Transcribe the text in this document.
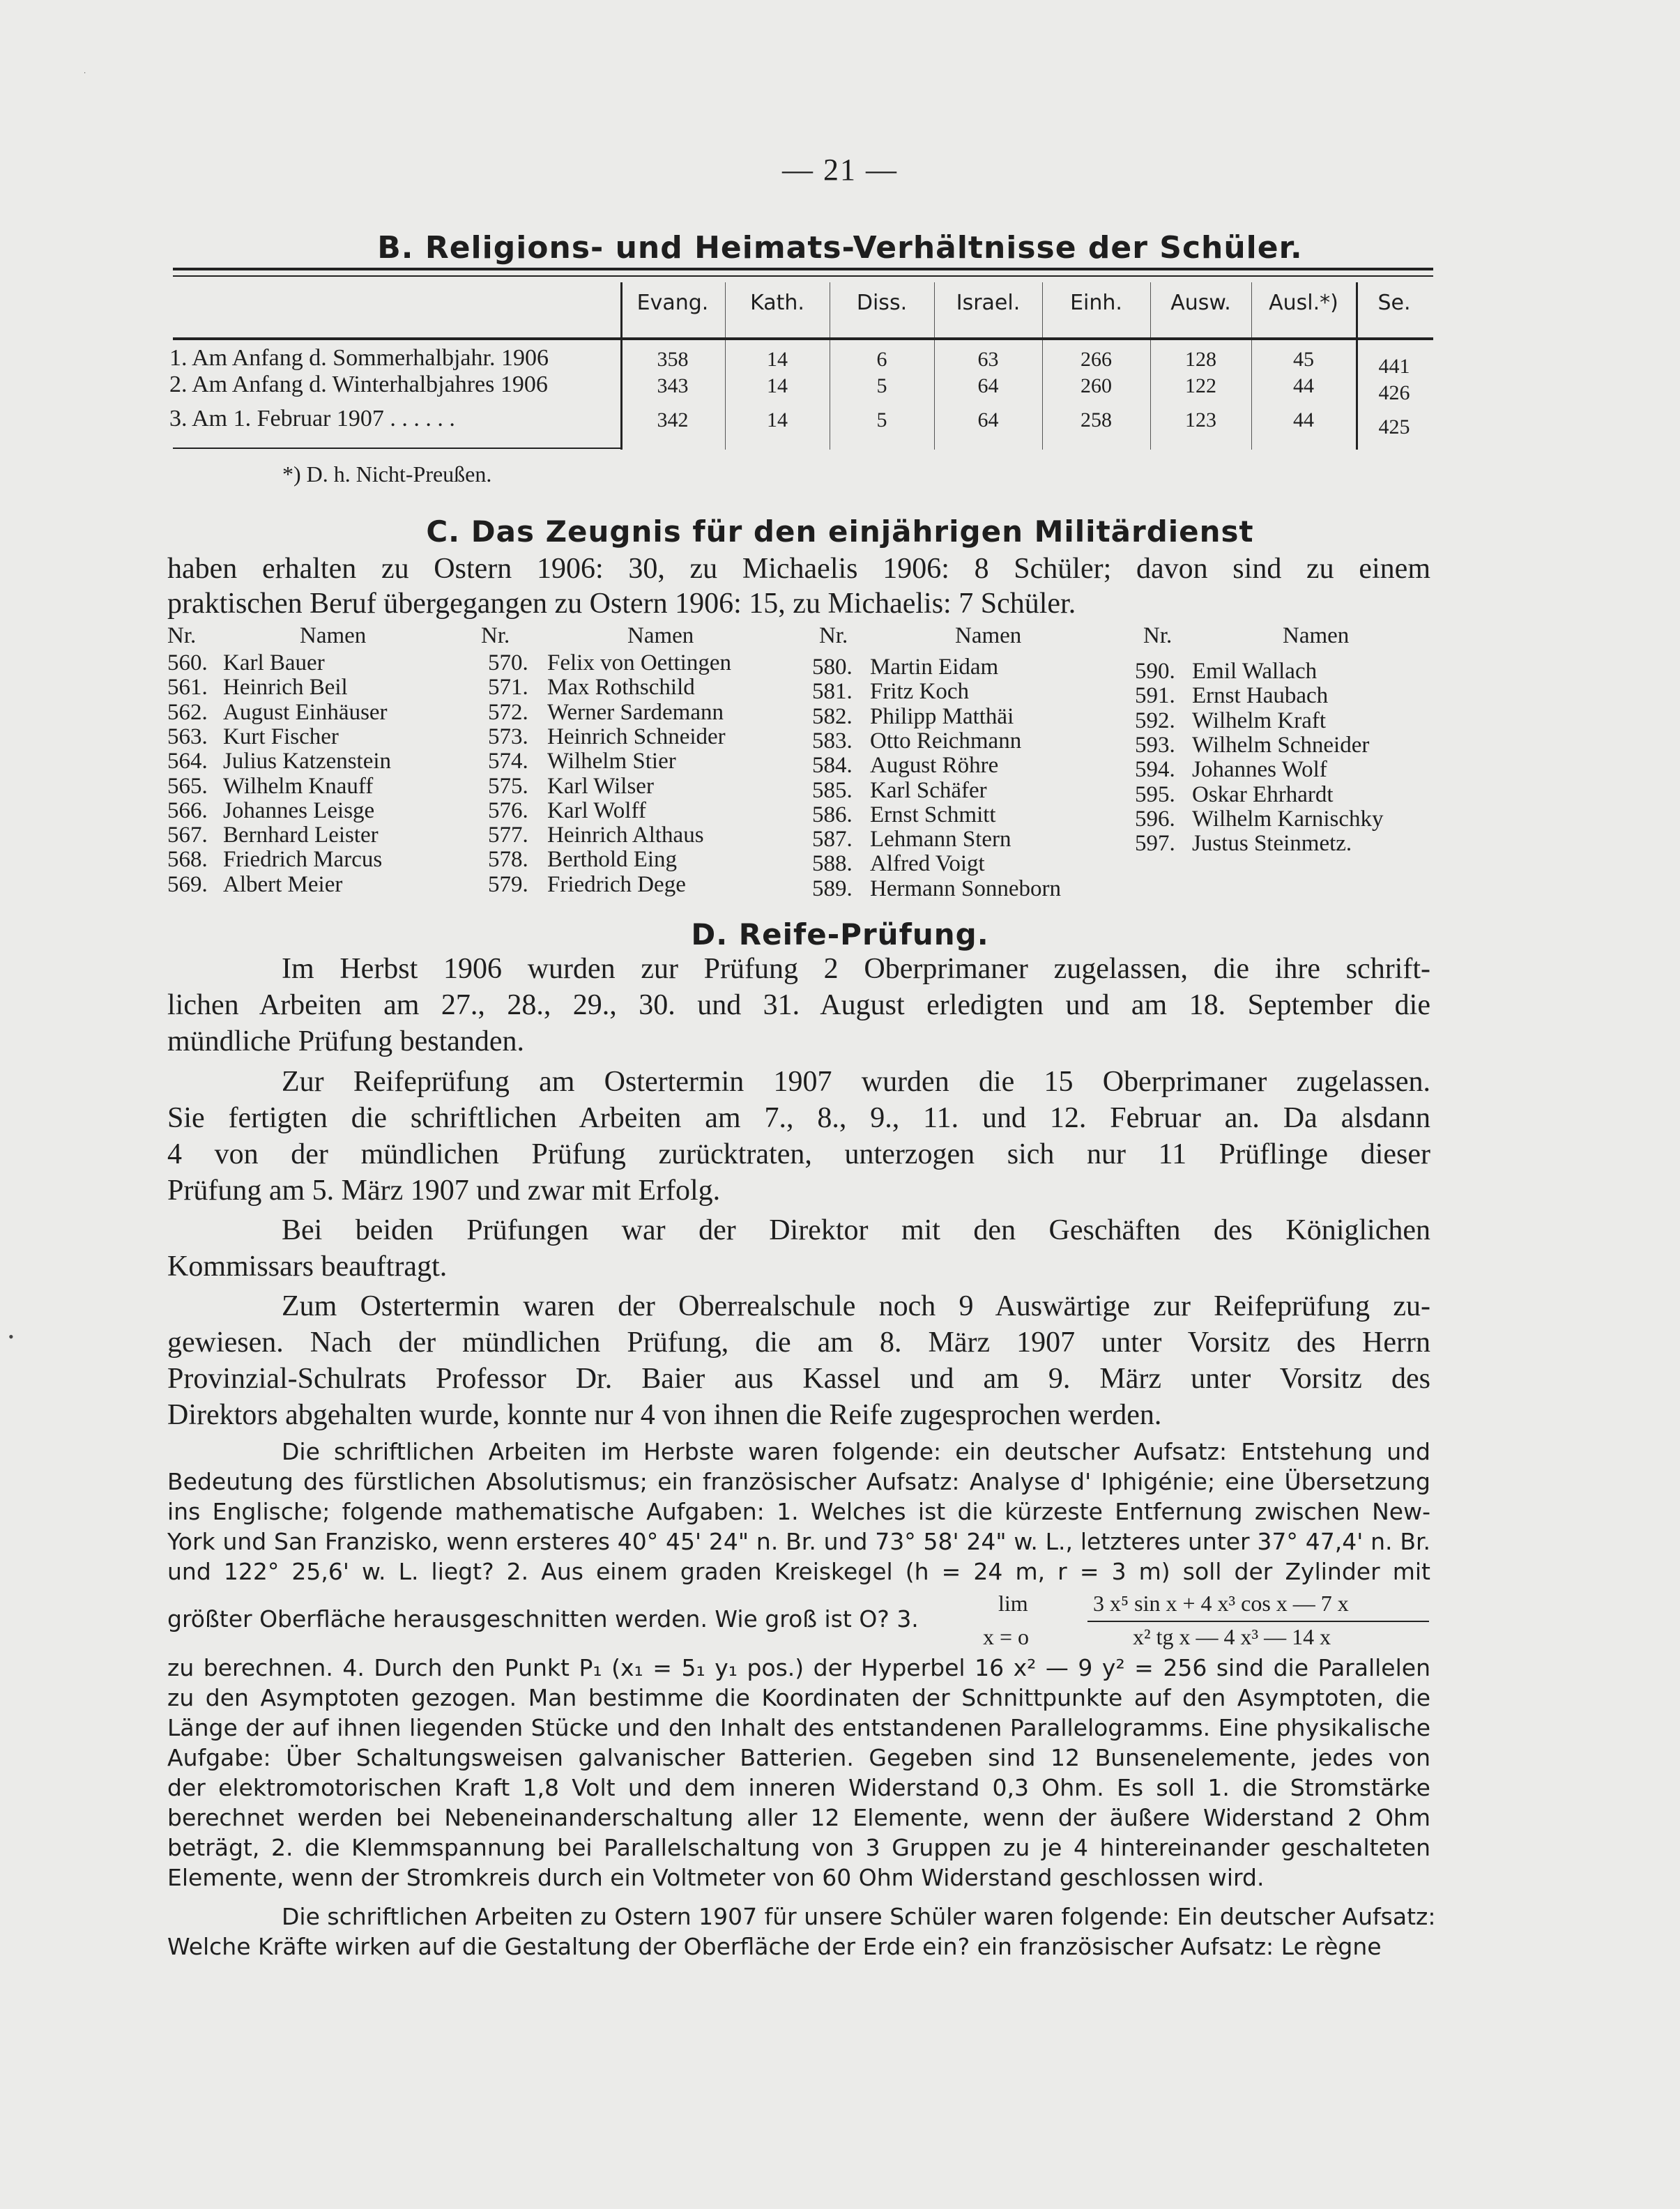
— 21 —
B. Religions- und Heimats-Verhältnisse der Schüler.
Evang.	Kath.	Diss.	Israel.	Einh.	Ausw.	Ausl.*)	Se.
1. Am Anfang d. Sommerhalbjahr. 1906	358	14	6	63	266	128	45	441
2. Am Anfang d. Winterhalbjahres 1906	343	14	5	64	260	122	44	426
3. Am 1. Februar 1907 . . . . . .	342	14	5	64	258	123	44	425
*) D. h. Nicht-Preußen.
C. Das Zeugnis für den einjährigen Militärdienst
haben erhalten zu Ostern 1906: 30, zu Michaelis 1906: 8 Schüler; davon sind zu einem
praktischen Beruf übergegangen zu Ostern 1906: 15, zu Michaelis: 7 Schüler.
Nr.	Namen	Nr.	Namen	Nr.	Namen	Nr.	Namen
560. Karl Bauer
561. Heinrich Beil
562. August Einhäuser
563. Kurt Fischer
564. Julius Katzenstein
565. Wilhelm Knauff
566. Johannes Leisge
567. Bernhard Leister
568. Friedrich Marcus
569. Albert Meier
570. Felix von Oettingen
571. Max Rothschild
572. Werner Sardemann
573. Heinrich Schneider
574. Wilhelm Stier
575. Karl Wilser
576. Karl Wolff
577. Heinrich Althaus
578. Berthold Eing
579. Friedrich Dege
580. Martin Eidam
581. Fritz Koch
582. Philipp Matthäi
583. Otto Reichmann
584. August Röhre
585. Karl Schäfer
586. Ernst Schmitt
587. Lehmann Stern
588. Alfred Voigt
589. Hermann Sonneborn
590. Emil Wallach
591. Ernst Haubach
592. Wilhelm Kraft
593. Wilhelm Schneider
594. Johannes Wolf
595. Oskar Ehrhardt
596. Wilhelm Karnischky
597. Justus Steinmetz.
D. Reife-Prüfung.
Im Herbst 1906 wurden zur Prüfung 2 Oberprimaner zugelassen, die ihre schrift-
lichen Arbeiten am 27., 28., 29., 30. und 31. August erledigten und am 18. September die
mündliche Prüfung bestanden.
Zur Reifeprüfung am Ostertermin 1907 wurden die 15 Oberprimaner zugelassen.
Sie fertigten die schriftlichen Arbeiten am 7., 8., 9., 11. und 12. Februar an. Da alsdann
4 von der mündlichen Prüfung zurücktraten, unterzogen sich nur 11 Prüflinge dieser
Prüfung am 5. März 1907 und zwar mit Erfolg.
Bei beiden Prüfungen war der Direktor mit den Geschäften des Königlichen
Kommissars beauftragt.
Zum Ostertermin waren der Oberrealschule noch 9 Auswärtige zur Reifeprüfung zu-
gewiesen. Nach der mündlichen Prüfung, die am 8. März 1907 unter Vorsitz des Herrn
Provinzial-Schulrats Professor Dr. Baier aus Kassel und am 9. März unter Vorsitz des
Direktors abgehalten wurde, konnte nur 4 von ihnen die Reife zugesprochen werden.
Die schriftlichen Arbeiten im Herbste waren folgende: ein deutscher Aufsatz: Entstehung und
Bedeutung des fürstlichen Absolutismus; ein französischer Aufsatz: Analyse d' Iphigénie; eine Übersetzung
ins Englische; folgende mathematische Aufgaben: 1. Welches ist die kürzeste Entfernung zwischen New-
York und San Franzisko, wenn ersteres 40° 45' 24" n. Br. und 73° 58' 24" w. L., letzteres unter 37° 47,4' n. Br.
und 122° 25,6' w. L. liegt? 2. Aus einem graden Kreiskegel (h = 24 m, r = 3 m) soll der Zylinder mit
größter Oberfläche herausgeschnitten werden. Wie groß ist O? 3.
lim
x = o
3 x⁵ sin x + 4 x³ cos x — 7 x
x² tg x — 4 x³ — 14 x
zu berechnen. 4. Durch den Punkt P₁ (x₁ = 5₁ y₁ pos.) der Hyperbel 16 x² — 9 y² = 256 sind die Parallelen
zu den Asymptoten gezogen. Man bestimme die Koordinaten der Schnittpunkte auf den Asymptoten, die
Länge der auf ihnen liegenden Stücke und den Inhalt des entstandenen Parallelogramms. Eine physikalische
Aufgabe: Über Schaltungsweisen galvanischer Batterien. Gegeben sind 12 Bunsenelemente, jedes von
der elektromotorischen Kraft 1,8 Volt und dem inneren Widerstand 0,3 Ohm. Es soll 1. die Stromstärke
berechnet werden bei Nebeneinanderschaltung aller 12 Elemente, wenn der äußere Widerstand 2 Ohm
beträgt, 2. die Klemmspannung bei Parallelschaltung von 3 Gruppen zu je 4 hintereinander geschalteten
Elemente, wenn der Stromkreis durch ein Voltmeter von 60 Ohm Widerstand geschlossen wird.
Die schriftlichen Arbeiten zu Ostern 1907 für unsere Schüler waren folgende: Ein deutscher Aufsatz:
Welche Kräfte wirken auf die Gestaltung der Oberfläche der Erde ein? ein französischer Aufsatz: Le règne
·
•
